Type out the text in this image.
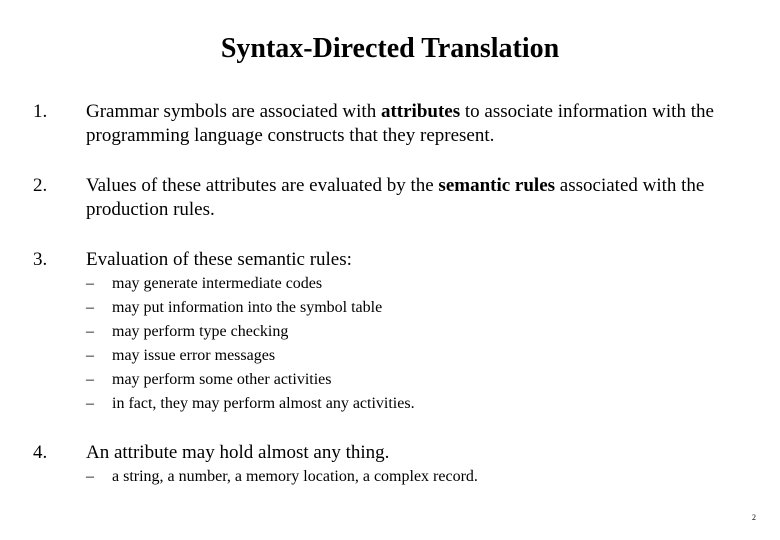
Syntax-Directed Translation
1. Grammar symbols are associated with attributes to associate information with the programming language constructs that they represent.
2. Values of these attributes are evaluated by the semantic rules associated with the production rules.
3. Evaluation of these semantic rules:
– may generate intermediate codes
– may put information into the symbol table
– may perform type checking
– may issue error messages
– may perform some other activities
– in fact, they may perform almost any activities.
4. An attribute may hold almost any thing.
– a string, a number, a memory location, a complex record.
2
